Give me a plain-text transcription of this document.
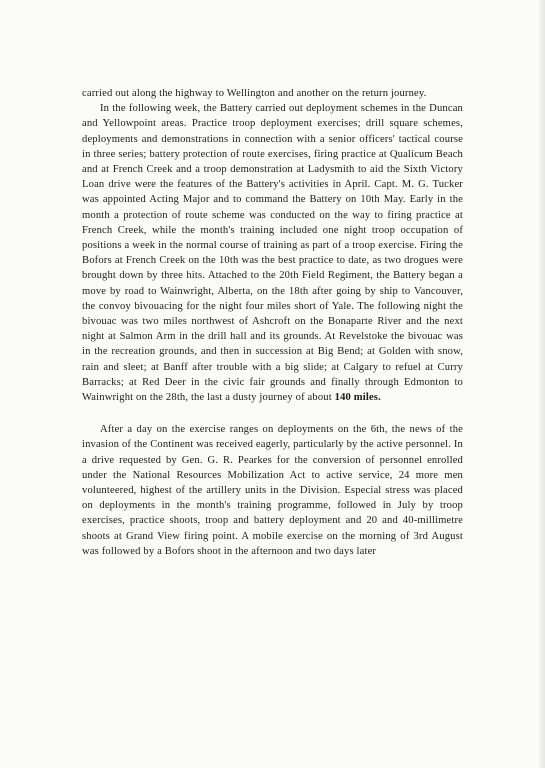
carried out along the highway to Wellington and another on the return journey.

In the following week, the Battery carried out deployment schemes in the Duncan and Yellowpoint areas. Practice troop deployment exercises; drill square schemes, deployments and demonstrations in connection with a senior officers' tactical course in three series; battery protection of route exercises, firing practice at Qualicum Beach and at French Creek and a troop demonstration at Ladysmith to aid the Sixth Victory Loan drive were the features of the Battery's activities in April. Capt. M. G. Tucker was appointed Acting Major and to command the Battery on 10th May. Early in the month a protection of route scheme was conducted on the way to firing practice at French Creek, while the month's training included one night troop occupation of positions a week in the normal course of training as part of a troop exercise. Firing the Bofors at French Creek on the 10th was the best practice to date, as two drogues were brought down by three hits. Attached to the 20th Field Regiment, the Battery began a move by road to Wainwright, Alberta, on the 18th after going by ship to Vancouver, the convoy bivouacing for the night four miles short of Yale. The following night the bivouac was two miles northwest of Ashcroft on the Bonaparte River and the next night at Salmon Arm in the drill hall and its grounds. At Revelstoke the bivouac was in the recreation grounds, and then in succession at Big Bend; at Golden with snow, rain and sleet; at Banff after trouble with a big slide; at Calgary to refuel at Curry Barracks; at Red Deer in the civic fair grounds and finally through Edmonton to Wainwright on the 28th, the last a dusty journey of about 140 miles.

After a day on the exercise ranges on deployments on the 6th, the news of the invasion of the Continent was received eagerly, particularly by the active personnel. In a drive requested by Gen. G. R. Pearkes for the conversion of personnel enrolled under the National Resources Mobilization Act to active service, 24 more men volunteered, highest of the artillery units in the Division. Especial stress was placed on deployments in the month's training programme, followed in July by troop exercises, practice shoots, troop and battery deployment and 20 and 40-millimetre shoots at Grand View firing point. A mobile exercise on the morning of 3rd August was followed by a Bofors shoot in the afternoon and two days later
